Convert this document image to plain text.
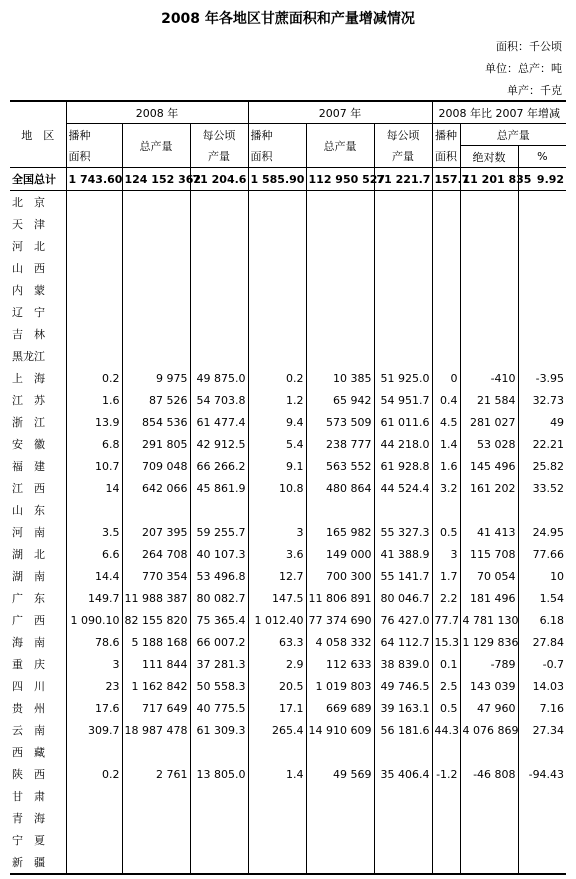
2008 年各地区甘蔗面积和产量增减情况
面积：千公顷
单位：总产：吨
单产：千克
地　区	2008 年			2007 年			2008 年比 2007 年增减		
	播种	总产量	每公顷	播种	总产量	每公顷	播种	总产量	
	面积		产量	面积		产量	面积	绝对数	%
全国总计	1 743.60	124 152 362	71 204.6	1 585.90	112 950 527	71 221.7	157.7	11 201 835	9.92
北　京									
天　津									
河　北									
山　西									
内　蒙									
辽　宁									
吉　林									
黑龙江									
上　海	0.2	9 975	49 875.0	0.2	10 385	51 925.0	0	-410	-3.95
江　苏	1.6	87 526	54 703.8	1.2	65 942	54 951.7	0.4	21 584	32.73
浙　江	13.9	854 536	61 477.4	9.4	573 509	61 011.6	4.5	281 027	49
安　徽	6.8	291 805	42 912.5	5.4	238 777	44 218.0	1.4	53 028	22.21
福　建	10.7	709 048	66 266.2	9.1	563 552	61 928.8	1.6	145 496	25.82
江　西	14	642 066	45 861.9	10.8	480 864	44 524.4	3.2	161 202	33.52
山　东									
河　南	3.5	207 395	59 255.7	3	165 982	55 327.3	0.5	41 413	24.95
湖　北	6.6	264 708	40 107.3	3.6	149 000	41 388.9	3	115 708	77.66
湖　南	14.4	770 354	53 496.8	12.7	700 300	55 141.7	1.7	70 054	10
广　东	149.7	11 988 387	80 082.7	147.5	11 806 891	80 046.7	2.2	181 496	1.54
广　西	1 090.10	82 155 820	75 365.4	1 012.40	77 374 690	76 427.0	77.7	4 781 130	6.18
海　南	78.6	5 188 168	66 007.2	63.3	4 058 332	64 112.7	15.3	1 129 836	27.84
重　庆	3	111 844	37 281.3	2.9	112 633	38 839.0	0.1	-789	-0.7
四　川	23	1 162 842	50 558.3	20.5	1 019 803	49 746.5	2.5	143 039	14.03
贵　州	17.6	717 649	40 775.5	17.1	669 689	39 163.1	0.5	47 960	7.16
云　南	309.7	18 987 478	61 309.3	265.4	14 910 609	56 181.6	44.3	4 076 869	27.34
西　藏									
陕　西	0.2	2 761	13 805.0	1.4	49 569	35 406.4	-1.2	-46 808	-94.43
甘　肃									
青　海									
宁　夏									
新　疆									
